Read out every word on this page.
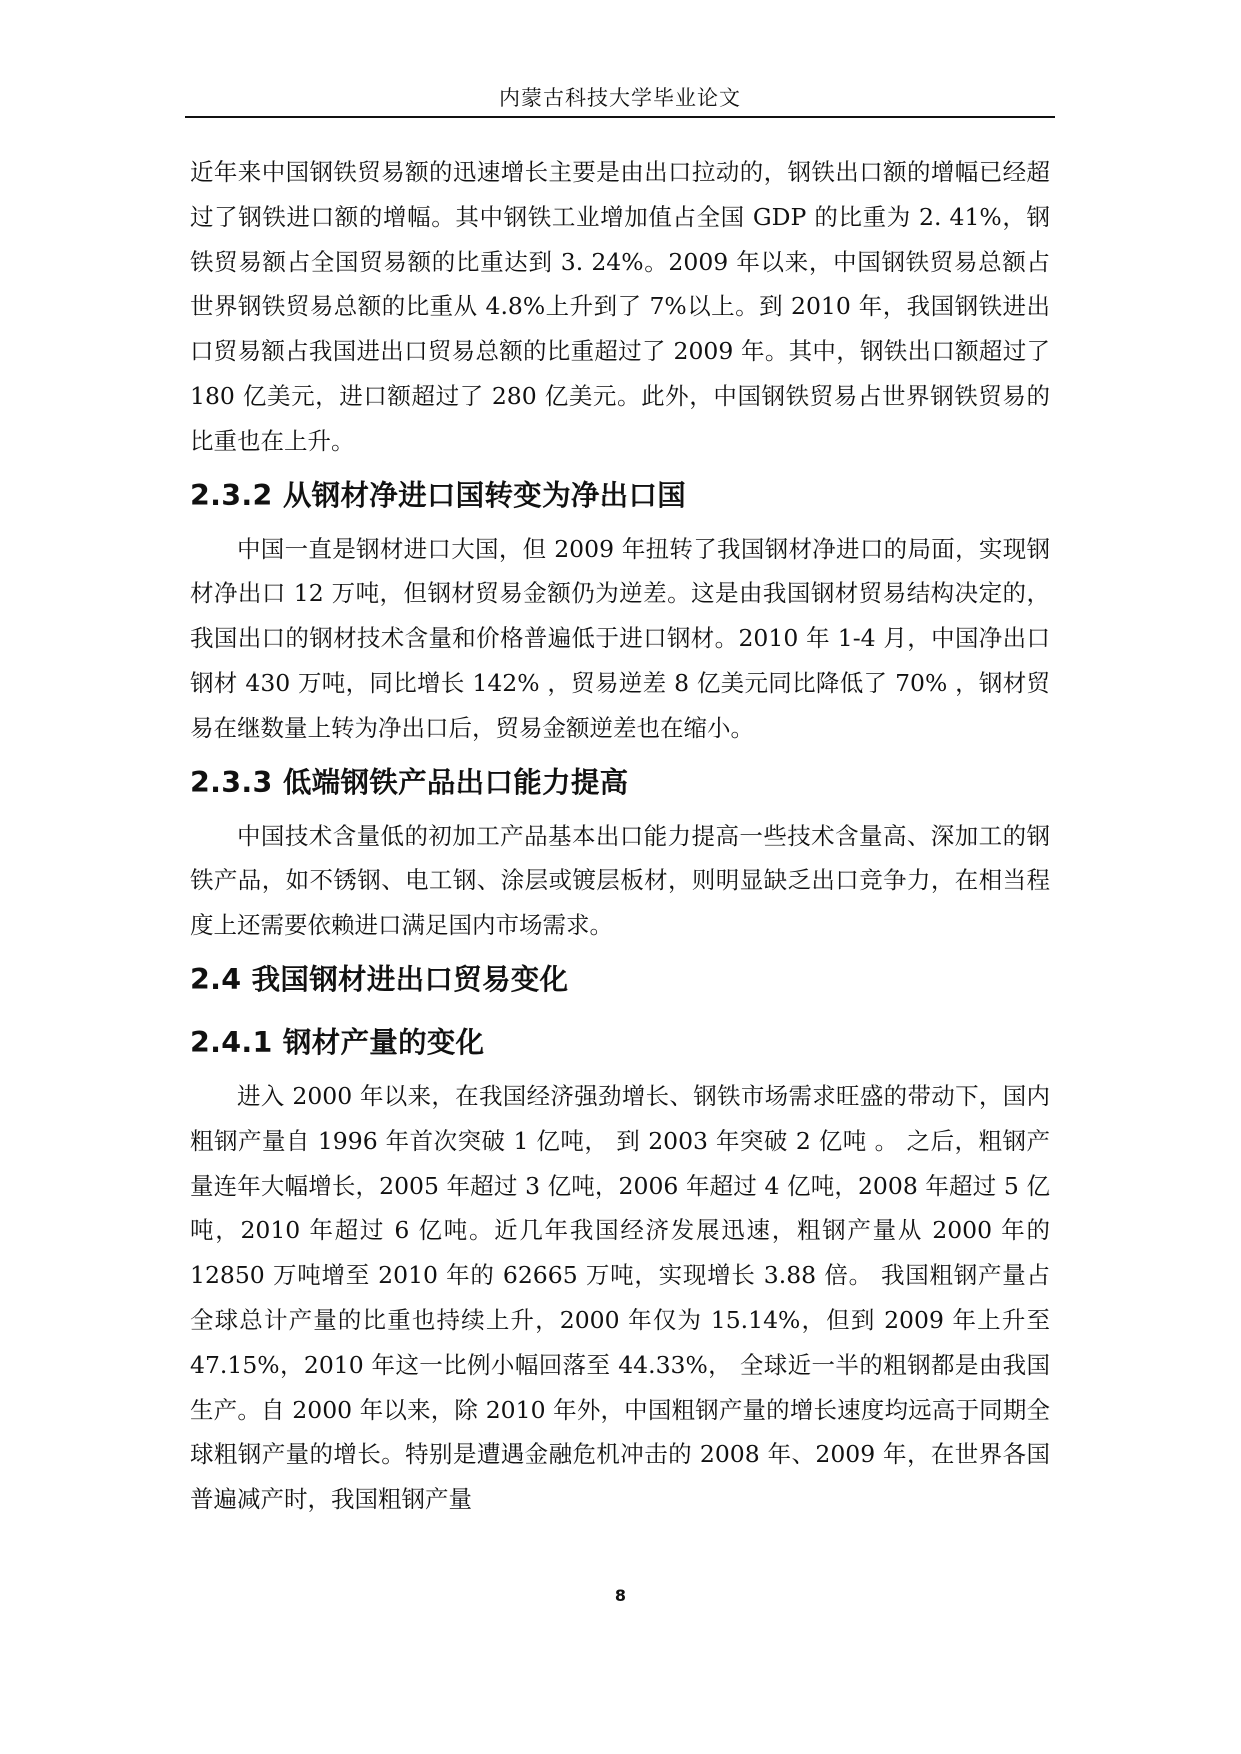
内蒙古科技大学毕业论文

近年来中国钢铁贸易额的迅速增长主要是由出口拉动的，钢铁出口额的增幅已经超过了钢铁进口额的增幅。其中钢铁工业增加值占全国 GDP 的比重为 2. 41%，钢铁贸易额占全国贸易额的比重达到 3. 24%。2009 年以来，中国钢铁贸易总额占世界钢铁贸易总额的比重从 4.8%上升到了 7%以上。到 2010 年，我国钢铁进出口贸易额占我国进出口贸易总额的比重超过了 2009 年。其中，钢铁出口额超过了 180 亿美元，进口额超过了 280 亿美元。此外，中国钢铁贸易占世界钢铁贸易的比重也在上升。

2.3.2 从钢材净进口国转变为净出口国

中国一直是钢材进口大国，但 2009 年扭转了我国钢材净进口的局面，实现钢材净出口 12 万吨，但钢材贸易金额仍为逆差。这是由我国钢材贸易结构决定的，我国出口的钢材技术含量和价格普遍低于进口钢材。2010 年 1-4 月，中国净出口钢材 430 万吨，同比增长 142% ，贸易逆差 8 亿美元同比降低了 70% ，钢材贸易在继数量上转为净出口后，贸易金额逆差也在缩小。

2.3.3 低端钢铁产品出口能力提高

中国技术含量低的初加工产品基本出口能力提高一些技术含量高、深加工的钢铁产品，如不锈钢、电工钢、涂层或镀层板材，则明显缺乏出口竞争力，在相当程度上还需要依赖进口满足国内市场需求。

2.4 我国钢材进出口贸易变化
2.4.1 钢材产量的变化

进入 2000 年以来，在我国经济强劲增长、钢铁市场需求旺盛的带动下，国内粗钢产量自 1996 年首次突破 1 亿吨， 到 2003 年突破 2 亿吨 。 之后，粗钢产量连年大幅增长，2005 年超过 3 亿吨，2006 年超过 4 亿吨，2008 年超过 5 亿吨，2010 年超过 6 亿吨。近几年我国经济发展迅速，粗钢产量从 2000 年的 12850 万吨增至 2010 年的 62665 万吨，实现增长 3.88 倍。 我国粗钢产量占全球总计产量的比重也持续上升，2000 年仅为 15.14%，但到 2009 年上升至 47.15%，2010 年这一比例小幅回落至 44.33%， 全球近一半的粗钢都是由我国生产。自 2000 年以来，除 2010 年外，中国粗钢产量的增长速度均远高于同期全球粗钢产量的增长。特别是遭遇金融危机冲击的 2008 年、2009 年，在世界各国普遍减产时，我国粗钢产量

8
